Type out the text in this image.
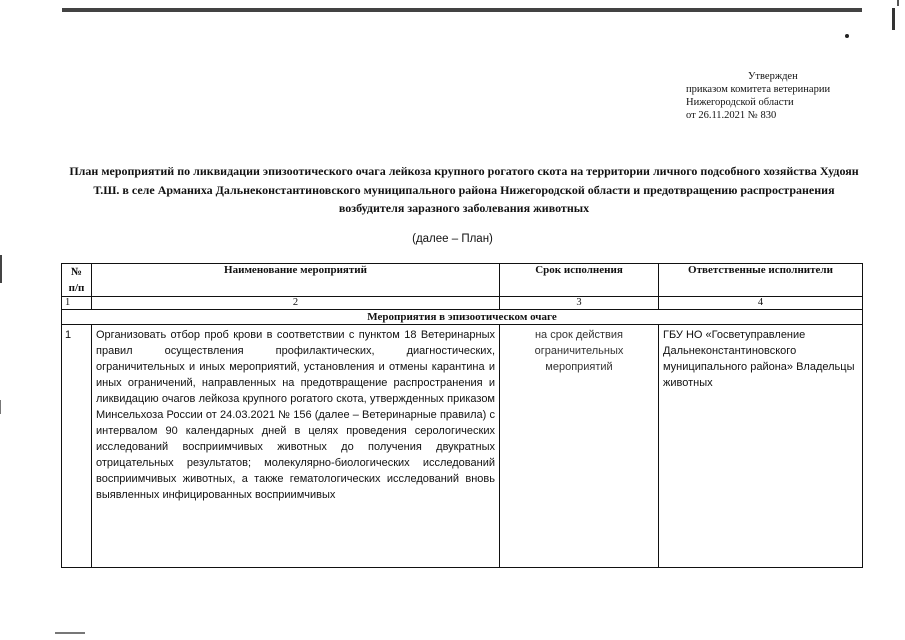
Утвержден
приказом комитета ветеринарии
Нижегородской области
от 26.11.2021 № 830
План мероприятий по ликвидации эпизоотического очага лейкоза крупного рогатого скота на территории личного подсобного хозяйства Худоян Т.Ш. в селе Арманиха Дальнеконстантиновского муниципального района Нижегородской области и предотвращению распространения возбудителя заразного заболевания животных
(далее – План)
№ п/п	Наименование мероприятий	Срок исполнения	Ответственные исполнители
1	2	3	4
Мероприятия в эпизоотическом очаге			
1	Организовать отбор проб крови в соответствии с пунктом 18 Ветеринарных правил осуществления профилактических, диагностических, ограничительных и иных мероприятий, установления и отмены карантина и иных ограничений, направленных на предотвращение распространения и ликвидацию очагов лейкоза крупного рогатого скота, утвержденных приказом Минсельхоза России от 24.03.2021 № 156 (далее – Ветеринарные правила) с интервалом 90 календарных дней в целях проведения серологических исследований восприимчивых животных до получения двукратных отрицательных результатов; молекулярно-биологических исследований восприимчивых животных, а также гематологических исследований вновь выявленных инфицированных восприимчивых	на срок действия ограничительных мероприятий	ГБУ НО «Госветуправление Дальнеконстантиновского муниципального района» Владельцы животных
